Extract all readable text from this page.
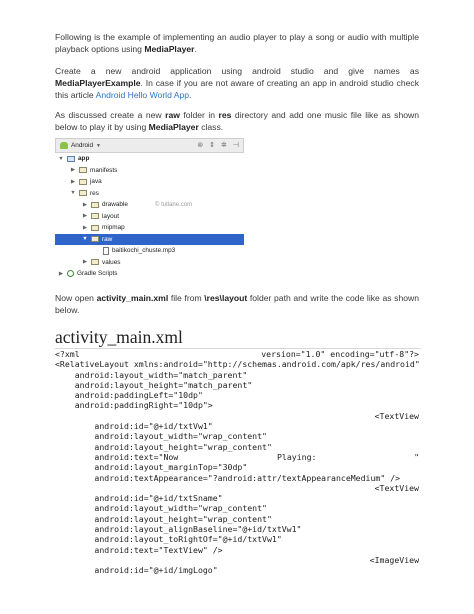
Following is the example of implementing an audio player to play a song or audio with multiple playback options using MediaPlayer.

Create a new android application using android studio and give names as MediaPlayerExample. In case if you are not aware of creating an app in android studio check this article Android Hello World App.

As discussed create a new raw folder in res directory and add one music file like as shown below to play it by using MediaPlayer class.

Android ▼	⊚ ⇕ ✲ ⊣
▼ app
▶ manifests
▶ java
▼ res
▶ drawable	© tutlane.com
▶ layout
▶ mipmap
▼ raw
baitikochi_chuste.mp3
▶ values
▶ Gradle Scripts

Now open activity_main.xml file from \res\layout folder path and write the code like as shown below.

activity_main.xml
<?xml	version="1.0" encoding="utf-8"?>
<RelativeLayout xmlns:android="http://schemas.android.com/apk/res/android"
android:layout_width="match_parent"
android:layout_height="match_parent"
android:paddingLeft="10dp"
android:paddingRight="10dp">
<TextView
android:id="@+id/txtVw1"
android:layout_width="wrap_content"
android:layout_height="wrap_content"
android:text="Now	Playing:	"
android:layout_marginTop="30dp"
android:textAppearance="?android:attr/textAppearanceMedium" />
<TextView
android:id="@+id/txtSname"
android:layout_width="wrap_content"
android:layout_height="wrap_content"
android:layout_alignBaseline="@+id/txtVw1"
android:layout_toRightOf="@+id/txtVw1"
android:text="TextView" />
<ImageView
android:id="@+id/imgLogo"
